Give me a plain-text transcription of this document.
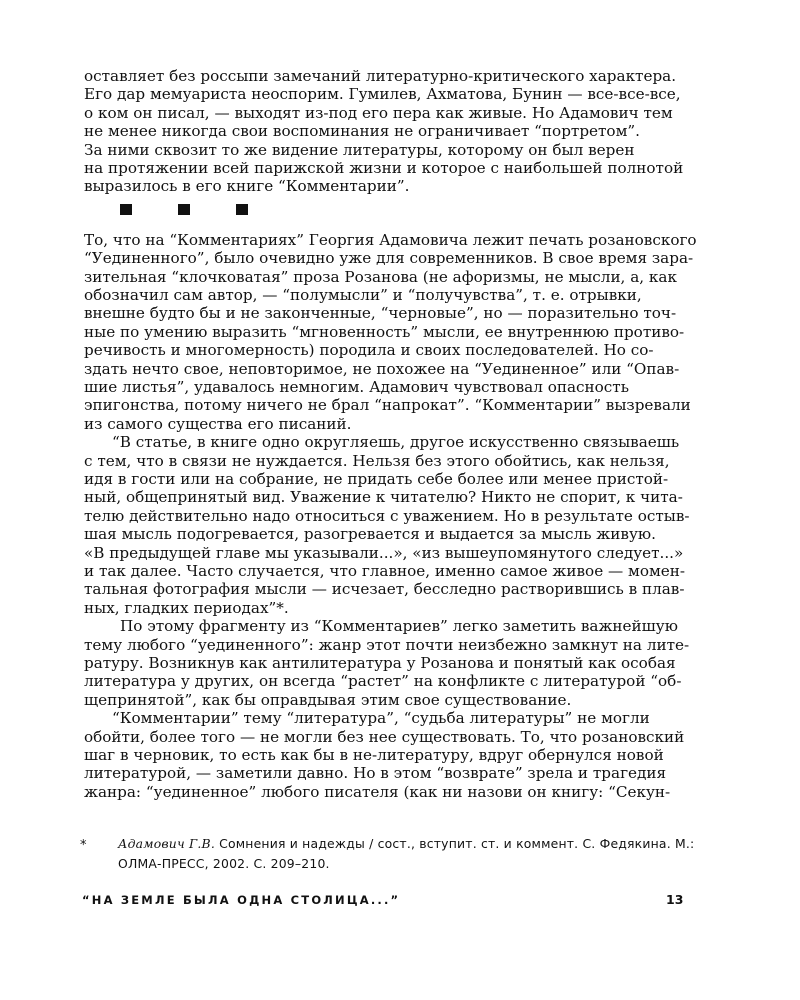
оставляет без россыпи замечаний литературно-критического характера.
Его дар мемуариста неоспорим. Гумилев, Ахматова, Бунин — все-все-все,
о ком он писал, — выходят из-под его пера как живые. Но Адамович тем
не менее никогда свои воспоминания не ограничивает “портретом”.
За ними сквозит то же видение литературы, которому он был верен
на протяжении всей парижской жизни и которое с наибольшей полнотой
выразилось в его книге “Комментарии”.
То, что на “Комментариях” Георгия Адамовича лежит печать розановского
“Уединенного”, было очевидно уже для современников. В свое время зара-
зительная “клочковатая” проза Розанова (не афоризмы, не мысли, а, как
обозначил сам автор, — “полумысли” и “получувства”, т. е. отрывки,
внешне будто бы и не законченные, “черновые”, но — поразительно точ-
ные по умению выразить “мгновенность” мысли, ее внутреннюю противо-
речивость и многомерность) породила и своих последователей. Но со-
здать нечто свое, неповторимое, не похожее на “Уединенное” или “Опав-
шие листья”, удавалось немногим. Адамович чувствовал опасность
эпигонства, потому ничего не брал “напрокат”. “Комментарии” вызревали
из самого существа его писаний.
“В статье, в книге одно округляешь, другое искусственно связываешь
с тем, что в связи не нуждается. Нельзя без этого обойтись, как нельзя,
идя в гости или на собрание, не придать себе более или менее пристой-
ный, общепринятый вид. Уважение к читателю? Никто не спорит, к чита-
телю действительно надо относиться с уважением. Но в результате остыв-
шая мысль подогревается, разогревается и выдается за мысль живую.
«В предыдущей главе мы указывали...», «из вышеупомянутого следует...»
и так далее. Часто случается, что главное, именно самое живое — момен-
тальная фотография мысли — исчезает, бесследно растворившись в плав-
ных, гладких периодах”*.
По этому фрагменту из “Комментариев” легко заметить важнейшую
тему любого “уединенного”: жанр этот почти неизбежно замкнут на лите-
ратуру. Возникнув как антилитература у Розанова и понятый как особая
литература у других, он всегда “растет” на конфликте с литературой “об-
щепринятой”, как бы оправдывая этим свое существование.
“Комментарии” тему “литература”, “судьба литературы” не могли
обойти, более того — не могли без нее существовать. То, что розановский
шаг в черновик, то есть как бы в не-литературу, вдруг обернулся новой
литературой, — заметили давно. Но в этом “возврате” зрела и трагедия
жанра: “уединенное” любого писателя (как ни назови он книгу: “Секун-
*	Адамович Г.В. Сомнения и надежды / сост., вступит. ст. и коммент. С. Федякина. М.:
ОЛМА-ПРЕСС, 2002. С. 209–210.
“НА ЗЕМЛЕ БЫЛА ОДНА СТОЛИЦА...”	13
